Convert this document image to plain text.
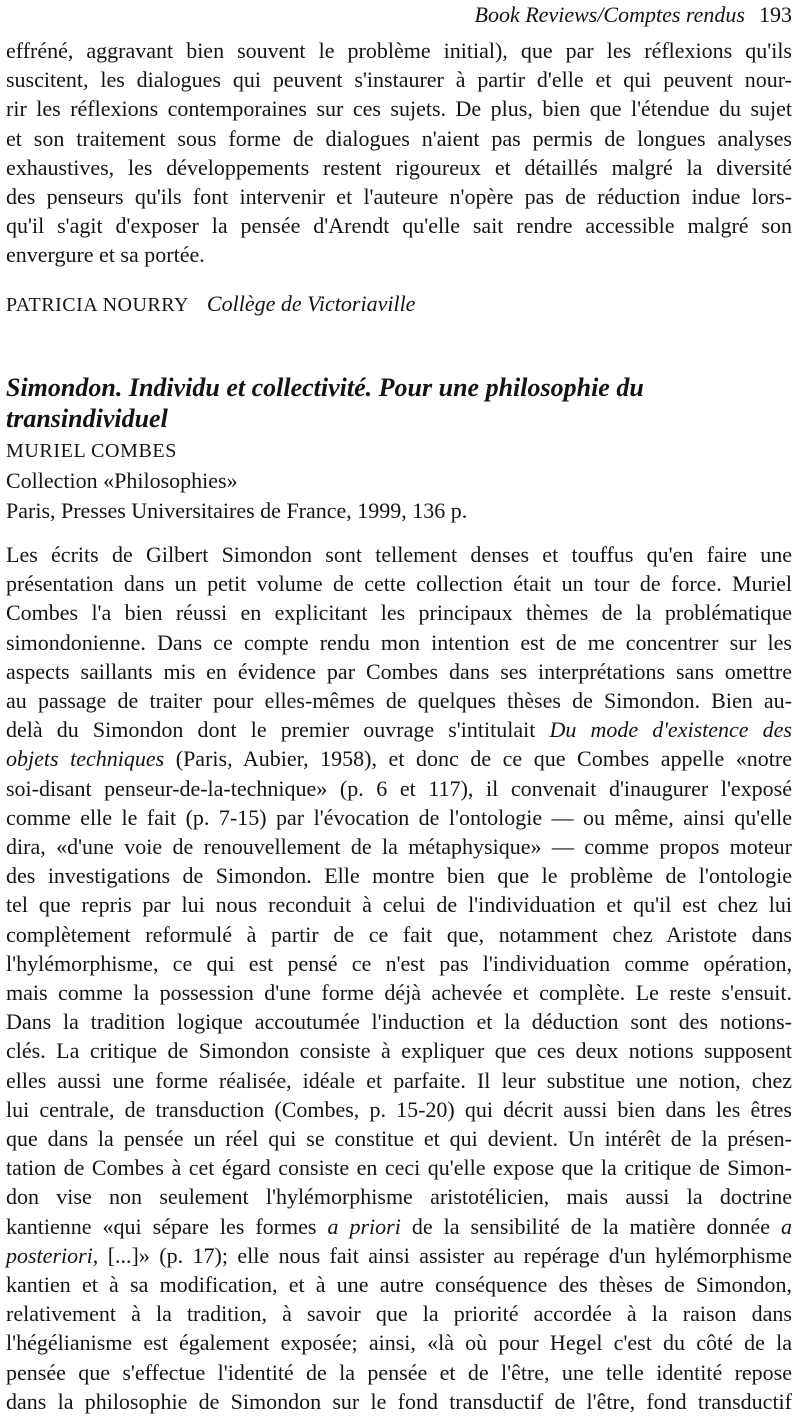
Book Reviews/Comptes rendus 193

effréné, aggravant bien souvent le problème initial), que par les réflexions qu'ils
suscitent, les dialogues qui peuvent s'instaurer à partir d'elle et qui peuvent nour-
rir les réflexions contemporaines sur ces sujets. De plus, bien que l'étendue du sujet
et son traitement sous forme de dialogues n'aient pas permis de longues analyses
exhaustives, les développements restent rigoureux et détaillés malgré la diversité
des penseurs qu'ils font intervenir et l'auteure n'opère pas de réduction indue lors-
qu'il s'agit d'exposer la pensée d'Arendt qu'elle sait rendre accessible malgré son
envergure et sa portée.

PATRICIA NOURRY Collège de Victoriaville
Simondon. Individu et collectivité. Pour une philosophie du transindividuel
MURIEL COMBES
Collection «Philosophies»
Paris, Presses Universitaires de France, 1999, 136 p.

Les écrits de Gilbert Simondon sont tellement denses et touffus qu'en faire une
présentation dans un petit volume de cette collection était un tour de force. Muriel
Combes l'a bien réussi en explicitant les principaux thèmes de la problématique
simondonienne. Dans ce compte rendu mon intention est de me concentrer sur les
aspects saillants mis en évidence par Combes dans ses interprétations sans omettre
au passage de traiter pour elles-mêmes de quelques thèses de Simondon. Bien au-
delà du Simondon dont le premier ouvrage s'intitulait Du mode d'existence des
objets techniques (Paris, Aubier, 1958), et donc de ce que Combes appelle «notre
soi-disant penseur-de-la-technique» (p. 6 et 117), il convenait d'inaugurer l'exposé
comme elle le fait (p. 7-15) par l'évocation de l'ontologie — ou même, ainsi qu'elle
dira, «d'une voie de renouvellement de la métaphysique» — comme propos moteur
des investigations de Simondon. Elle montre bien que le problème de l'ontologie
tel que repris par lui nous reconduit à celui de l'individuation et qu'il est chez lui
complètement reformulé à partir de ce fait que, notamment chez Aristote dans
l'hylémorphisme, ce qui est pensé ce n'est pas l'individuation comme opération,
mais comme la possession d'une forme déjà achevée et complète. Le reste s'ensuit.
Dans la tradition logique accoutumée l'induction et la déduction sont des notions-
clés. La critique de Simondon consiste à expliquer que ces deux notions supposent
elles aussi une forme réalisée, idéale et parfaite. Il leur substitue une notion, chez
lui centrale, de transduction (Combes, p. 15-20) qui décrit aussi bien dans les êtres
que dans la pensée un réel qui se constitue et qui devient. Un intérêt de la présen-
tation de Combes à cet égard consiste en ceci qu'elle expose que la critique de Simon-
don vise non seulement l'hylémorphisme aristotélicien, mais aussi la doctrine
kantienne «qui sépare les formes a priori de la sensibilité de la matière donnée a
posteriori, [...]» (p. 17); elle nous fait ainsi assister au repérage d'un hylémorphisme
kantien et à sa modification, et à une autre conséquence des thèses de Simondon,
relativement à la tradition, à savoir que la priorité accordée à la raison dans
l'hégélianisme est également exposée; ainsi, «là où pour Hegel c'est du côté de la
pensée que s'effectue l'identité de la pensée et de l'être, une telle identité repose
dans la philosophie de Simondon sur le fond transductif de l'être, fond transductif
